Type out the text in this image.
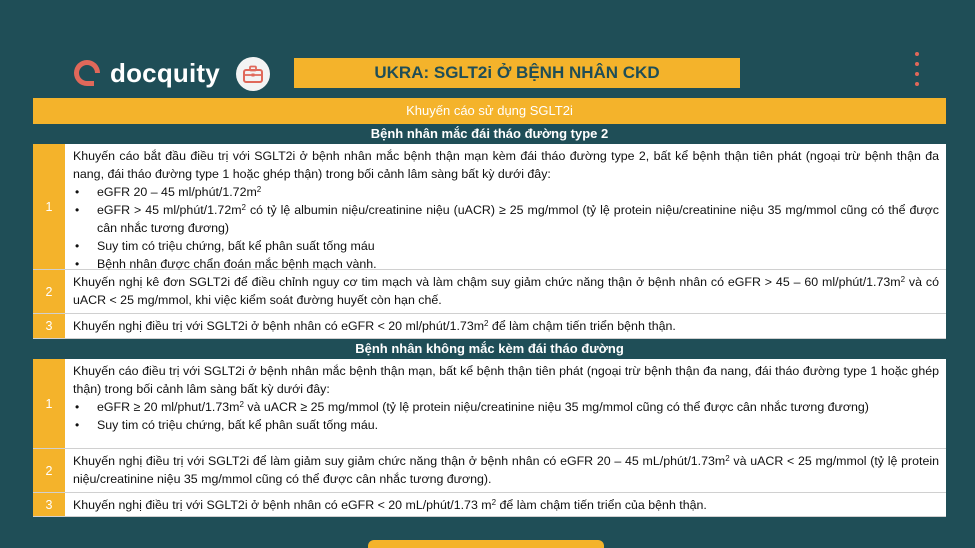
docquity	UKRA: SGLT2i Ở BỆNH NHÂN CKD
Khuyến cáo sử dụng SGLT2i
Bệnh nhân mắc đái tháo đường type 2
1
Khuyến cáo bắt đầu điều trị với SGLT2i ở bệnh nhân mắc bệnh thận mạn kèm đái tháo đường type 2, bất kể bệnh thận tiên phát (ngoại trừ bệnh thận đa nang, đái tháo đường type 1 hoặc ghép thận) trong bối cảnh lâm sàng bất kỳ dưới đây:
• eGFR 20 – 45 $ml/phút/1.72m^2$
• eGFR > 45 $ml/phút/1.72m^2$ có tỷ lệ albumin niệu/creatinine niệu (uACR) ≥ 25 mg/mmol (tỷ lệ protein niệu/creatinine niệu 35 mg/mmol cũng có thể được cân nhắc tương đương)
• Suy tim có triệu chứng, bất kể phân suất tống máu
• Bệnh nhân được chẩn đoán mắc bệnh mạch vành.
2
Khuyến nghị kê đơn SGLT2i để điều chỉnh nguy cơ tim mạch và làm chậm suy giảm chức năng thận ở bệnh nhân có eGFR > 45 – 60 $ml/phút/1.73m^2$ và có uACR < 25 mg/mmol, khi việc kiểm soát đường huyết còn hạn chế.
3	Khuyến nghị điều trị với SGLT2i ở bệnh nhân có eGFR < 20 $ml/phút/1.73m^2$ để làm chậm tiến triển bệnh thận.
Bệnh nhân không mắc kèm đái tháo đường
1
Khuyến cáo điều trị với SGLT2i ở bệnh nhân mắc bệnh thận mạn, bất kể bệnh thận tiên phát (ngoại trừ bệnh thận đa nang, đái tháo đường type 1 hoặc ghép thận) trong bối cảnh lâm sàng bất kỳ dưới đây:
• eGFR ≥ 20 $ml/phut/1.73m^2$ và uACR ≥ 25 mg/mmol (tỷ lệ protein niệu/creatinine niệu 35 mg/mmol cũng có thể được cân nhắc tương đương)
• Suy tim có triệu chứng, bất kể phân suất tống máu.
2
Khuyến nghị điều trị với SGLT2i để làm giảm suy giảm chức năng thận ở bệnh nhân có eGFR 20 – 45 $mL/phút/1.73m^2$ và uACR < 25 mg/mmol (tỷ lệ protein niệu/creatinine niệu 35 mg/mmol cũng có thể được cân nhắc tương đương).
3	Khuyến nghị điều trị với SGLT2i ở bệnh nhân có eGFR < 20 mL/phút/1.73 $m^2$ để làm chậm tiến triển của bệnh thận.
